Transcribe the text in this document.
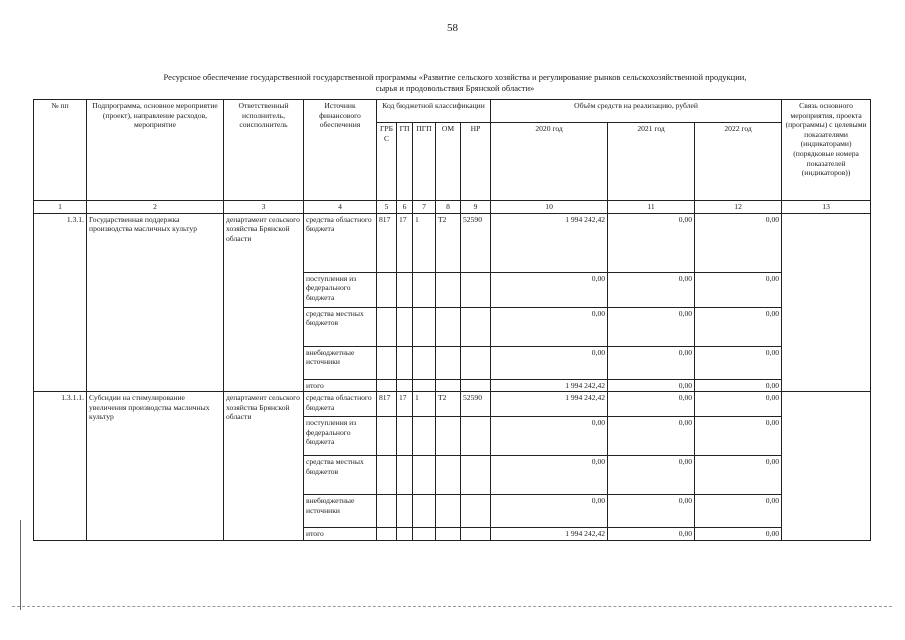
58
Ресурсное обеспечение государственной государственной программы «Развитие сельского хозяйства и регулирование рынков сельскохозяйственной продукции,
сырья и продовольствия Брянской области»
№ пп	Подпрограмма, основное мероприятие (проект), направление расходов, мероприятие	Ответственный исполнитель, соисполнитель	Источник финансового обеспечения	Код бюджетной классификации					Объём средств на реализацию, рублей			Связь основного мероприятия, проекта (программы) с целевыми показателями (индикаторами) (порядковые номера показателей (индикаторов))
				ГРБ С	ГП	ПГП	ОМ	НР	2020 год	2021 год	2022 год	
1	2	3	4	5	6	7	8	9	10	11	12	13
1.3.1.	Государственная поддержка производства масличных культур	департамент сельского хозяйства Брянской области	средства областного бюджета	817	17	1	Т2	52590	1 994 242,42	0,00	0,00	
			поступления из федерального бюджета						0,00	0,00	0,00	
			средства местных бюджетов						0,00	0,00	0,00	
			внебюджетные источники						0,00	0,00	0,00	
			итого						1 994 242,42	0,00	0,00	
1.3.1.1.	Субсидии на стимулирование увеличения производства масличных культур	департамент сельского хозяйства Брянской области	средства областного бюджета	817	17	1	Т2	52590	1 994 242,42	0,00	0,00	
			поступления из федерального бюджета						0,00	0,00	0,00	
			средства местных бюджетов						0,00	0,00	0,00	
			внебюджетные источники						0,00	0,00	0,00	
			итого						1 994 242,42	0,00	0,00	
